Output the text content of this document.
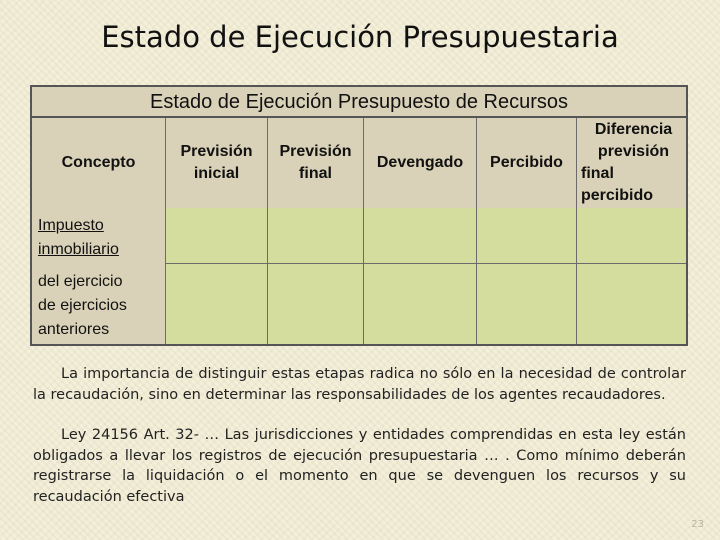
Estado de Ejecución Presupuestaria
Estado de Ejecución Presupuesto de Recursos
Concepto
Previsión
inicial
Previsión
final
Devengado Percibido
Diferencia
previsión
final
percibido
Impuesto
inmobiliario
del ejercicio
de ejercicios
anteriores
La importancia de distinguir estas etapas radica no sólo en la necesidad de controlar la recaudación, sino en determinar las responsabilidades de los agentes recaudadores.
Ley 24156 Art. 32- … Las jurisdicciones y entidades comprendidas en esta ley están obligados a llevar los registros de ejecución presupuestaria … . Como mínimo deberán registrarse la liquidación o el momento en que se devenguen los recursos y su recaudación efectiva
23
